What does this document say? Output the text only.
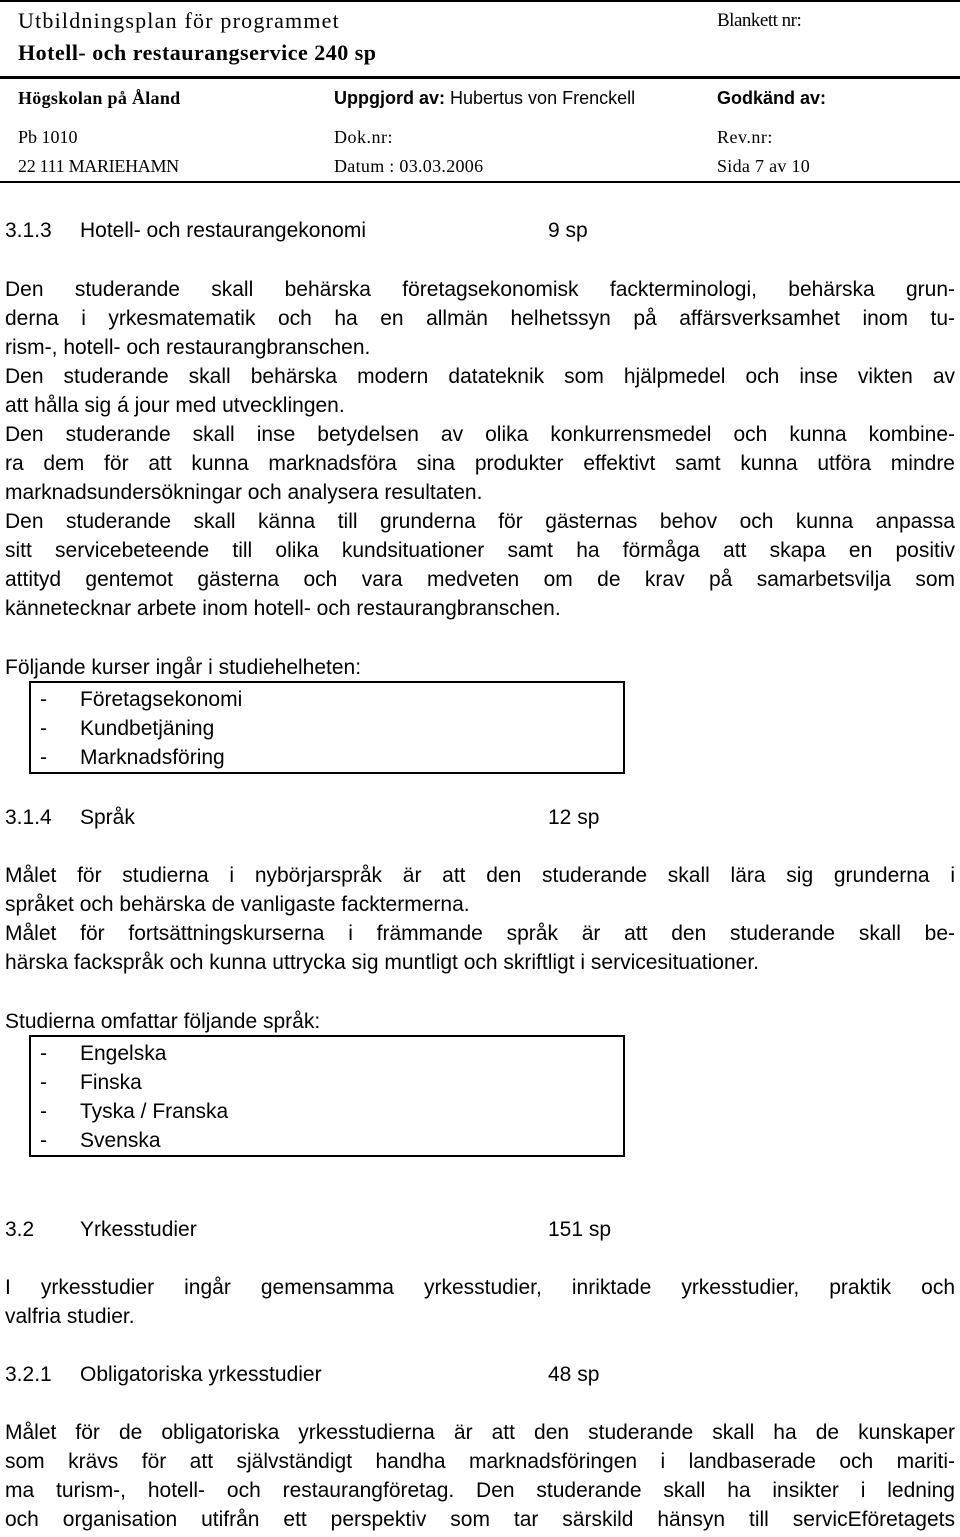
Utbildningsplan för programmet
Hotell- och restaurangservice 240 sp
Blankett nr:
Högskolan på Åland	Uppgjord av: Hubertus von Frenckell	Godkänd av:
Pb 1010	Dok.nr:	Rev.nr:
22 111 MARIEHAMN	Datum : 03.03.2006	Sida 7 av 10
3.1.3 Hotell- och restaurangekonomi	9 sp
Den studerande skall behärska företagsekonomisk fackterminologi, behärska grun-
derna i yrkesmatematik och ha en allmän helhetssyn på affärsverksamhet inom tu-
rism-, hotell- och restaurangbranschen.
Den studerande skall behärska modern datateknik som hjälpmedel och inse vikten av
att hålla sig á jour med utvecklingen.
Den studerande skall inse betydelsen av olika konkurrensmedel och kunna kombine-
ra dem för att kunna marknadsföra sina produkter effektivt samt kunna utföra mindre
marknadsundersökningar och analysera resultaten.
Den studerande skall känna till grunderna för gästernas behov och kunna anpassa
sitt servicebeteende till olika kundsituationer samt ha förmåga att skapa en positiv
attityd gentemot gästerna och vara medveten om de krav på samarbetsvilja som
kännetecknar arbete inom hotell- och restaurangbranschen.
Följande kurser ingår i studiehelheten:
- Företagsekonomi
- Kundbetjäning
- Marknadsföring
3.1.4 Språk	12 sp
Målet för studierna i nybörjarspråk är att den studerande skall lära sig grunderna i
språket och behärska de vanligaste facktermerna.
Målet för fortsättningskurserna i främmande språk är att den studerande skall be-
härska fackspråk och kunna uttrycka sig muntligt och skriftligt i servicesituationer.
Studierna omfattar följande språk:
- Engelska
- Finska
- Tyska / Franska
- Svenska
3.2 Yrkesstudier	151 sp
I yrkesstudier ingår gemensamma yrkesstudier, inriktade yrkesstudier, praktik och
valfria studier.
3.2.1 Obligatoriska yrkesstudier	48 sp
Målet för de obligatoriska yrkesstudierna är att den studerande skall ha de kunskaper
som krävs för att självständigt handha marknadsföringen i landbaserade och mariti-
ma turism-, hotell- och restaurangföretag. Den studerande skall ha insikter i ledning
och organisation utifrån ett perspektiv som tar särskild hänsyn till servicEföretagets
